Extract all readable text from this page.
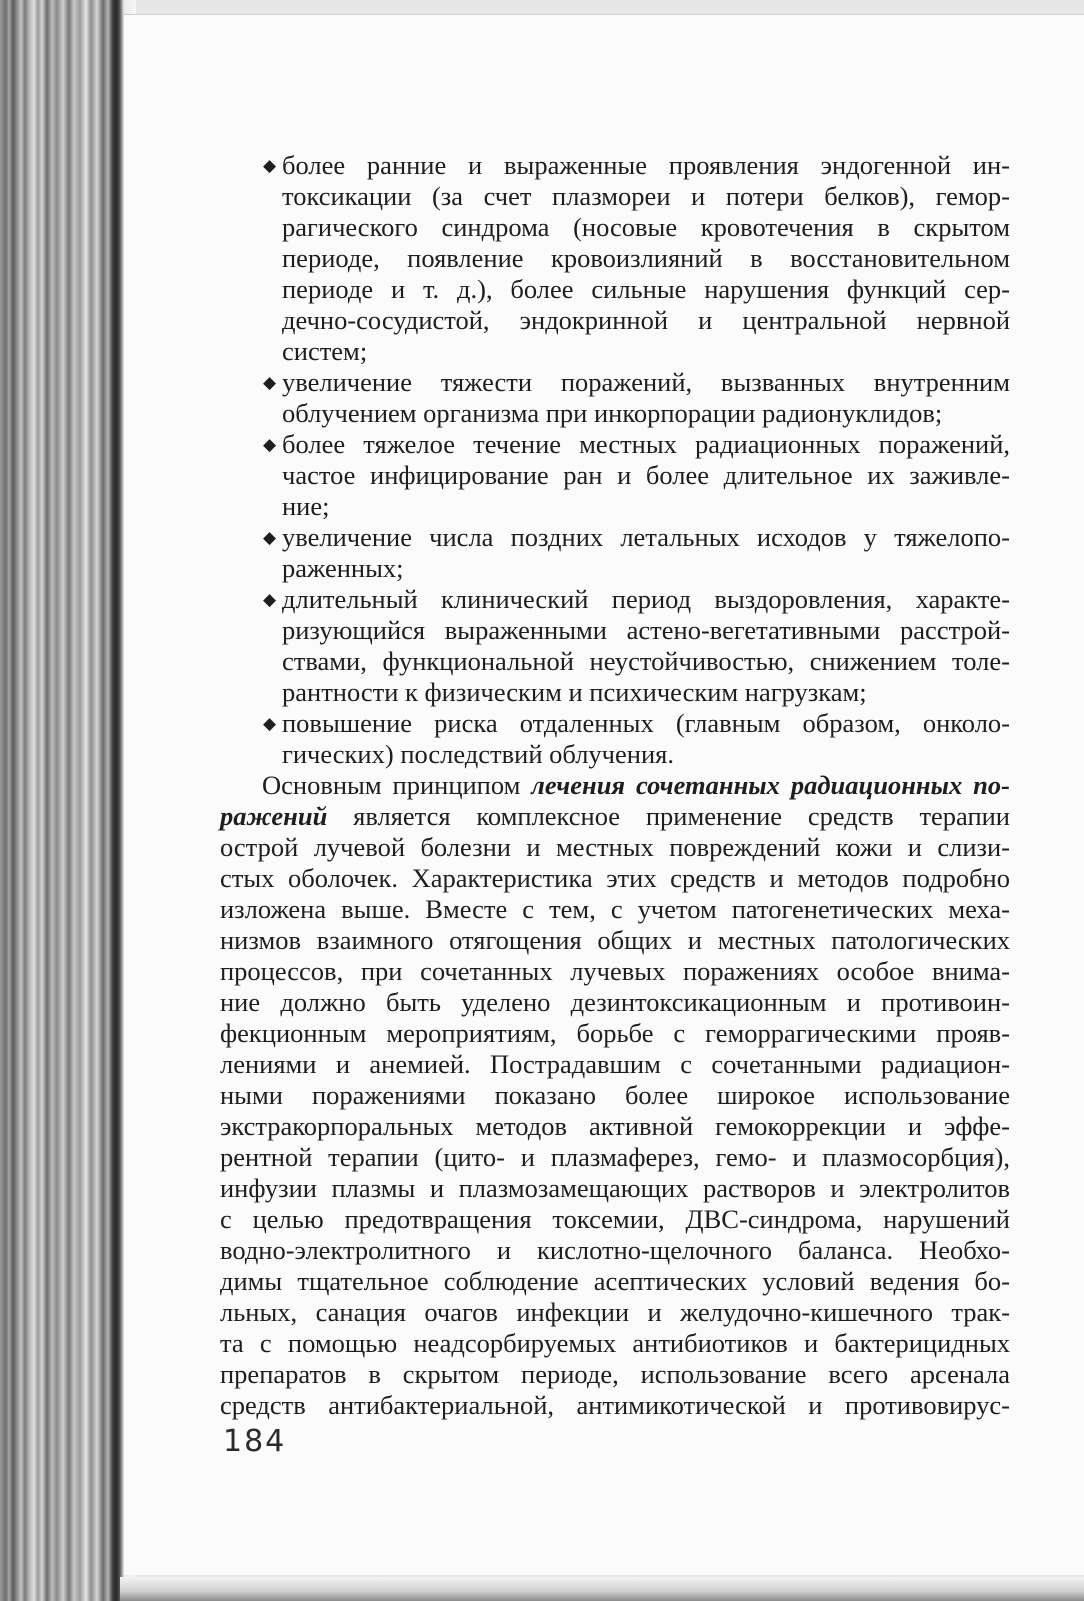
◆ более ранние и выраженные проявления эндогенной ин-
токсикации (за счет плазмореи и потери белков), гемор-
рагического синдрома (носовые кровотечения в скрытом
периоде, появление кровоизлияний в восстановительном
периоде и т. д.), более сильные нарушения функций сер-
дечно-сосудистой, эндокринной и центральной нервной
систем;
◆ увеличение тяжести поражений, вызванных внутренним
облучением организма при инкорпорации радионуклидов;
◆ более тяжелое течение местных радиационных поражений,
частое инфицирование ран и более длительное их заживле-
ние;
◆ увеличение числа поздних летальных исходов у тяжелопо-
раженных;
◆ длительный клинический период выздоровления, характе-
ризующийся выраженными астено-вегетативными расстрой-
ствами, функциональной неустойчивостью, снижением толе-
рантности к физическим и психическим нагрузкам;
◆ повышение риска отдаленных (главным образом, онколо-
гических) последствий облучения.
Основным принципом лечения сочетанных радиационных по-
ражений является комплексное применение средств терапии
острой лучевой болезни и местных повреждений кожи и слизи-
стых оболочек. Характеристика этих средств и методов подробно
изложена выше. Вместе с тем, с учетом патогенетических меха-
низмов взаимного отягощения общих и местных патологических
процессов, при сочетанных лучевых поражениях особое внима-
ние должно быть уделено дезинтоксикационным и противоин-
фекционным мероприятиям, борьбе с геморрагическими прояв-
лениями и анемией. Пострадавшим с сочетанными радиацион-
ными поражениями показано более широкое использование
экстракорпоральных методов активной гемокоррекции и эффе-
рентной терапии (цито- и плазмаферез, гемо- и плазмосорбция),
инфузии плазмы и плазмозамещающих растворов и электролитов
с целью предотвращения токсемии, ДВС-синдрома, нарушений
водно-электролитного и кислотно-щелочного баланса. Необхо-
димы тщательное соблюдение асептических условий ведения бо-
льных, санация очагов инфекции и желудочно-кишечного трак-
та с помощью неадсорбируемых антибиотиков и бактерицидных
препаратов в скрытом периоде, использование всего арсенала
средств антибактериальной, антимикотической и противовирус-
184
